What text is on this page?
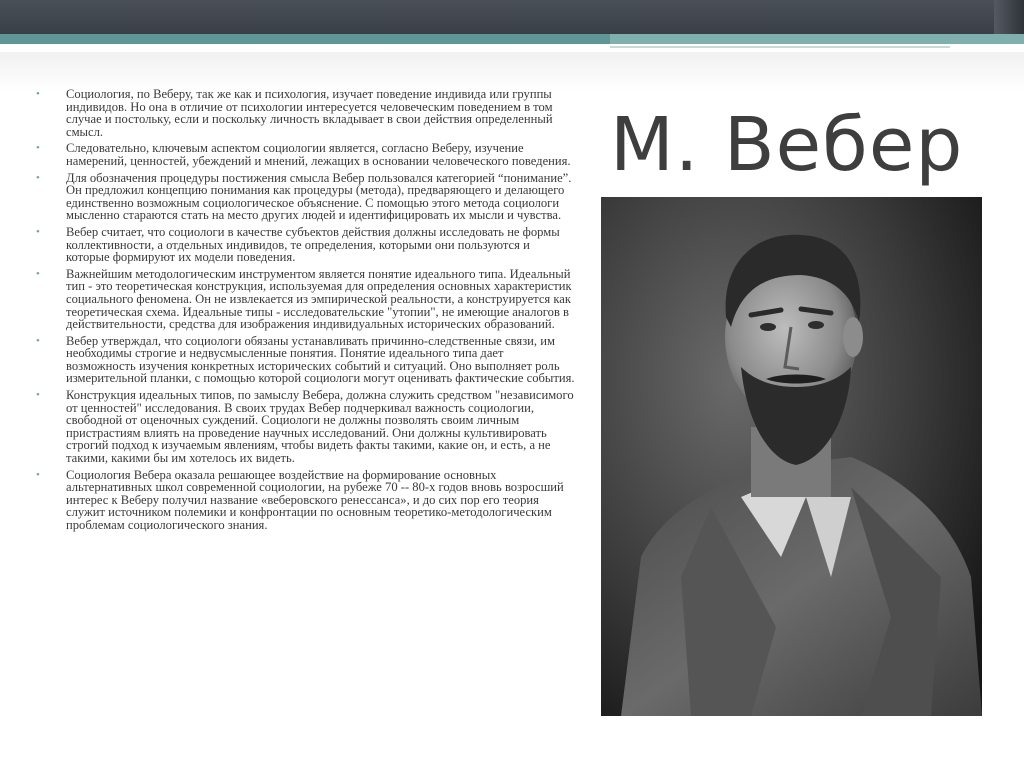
• Социология, по Веберу, так же как и психология, изучает поведение индивида или группы индивидов. Но она в отличие от психологии интересуется человеческим поведением в том случае и постольку, если и поскольку личность вкладывает в свои действия определенный смысл.
• Следовательно, ключевым аспектом социологии является, согласно Веберу, изучение намерений, ценностей, убеждений и мнений, лежащих в основании человеческого поведения.
• Для обозначения процедуры постижения смысла Вебер пользовался категорией “понимание”. Он предложил концепцию понимания как процедуры (метода), предваряющего и делающего единственно возможным социологическое объяснение. С помощью этого метода социологи мысленно стараются стать на место других людей и идентифицировать их мысли и чувства.
• Вебер считает, что социологи в качестве субъектов действия должны исследовать не формы коллективности, а отдельных индивидов, те определения, которыми они пользуются и которые формируют их модели поведения.
• Важнейшим методологическим инструментом является понятие идеального типа. Идеальный тип - это теоретическая конструкция, используемая для определения основных характеристик социального феномена. Он не извлекается из эмпирической реальности, а конструируется как теоретическая схема. Идеальные типы - исследовательские "утопии", не имеющие аналогов в действительности, средства для изображения индивидуальных исторических образований.
• Вебер утверждал, что социологи обязаны устанавливать причинно-следственные связи, им необходимы строгие и недвусмысленные понятия. Понятие идеального типа дает возможность изучения конкретных исторических событий и ситуаций. Оно выполняет роль измерительной планки, с помощью которой социологи могут оценивать фактические события.
• Конструкция идеальных типов, по замыслу Вебера, должна служить средством "независимого от ценностей" исследования. В своих трудах Вебер подчеркивал важность социологии, свободной от оценочных суждений. Социологи не должны позволять своим личным пристрастиям влиять на проведение научных исследований. Они должны культивировать строгий подход к изучаемым явлениям, чтобы видеть факты такими, какие он, и есть, а не такими, какими бы им хотелось их видеть.
• Социология Вебера оказала решающее воздействие на формирование основных альтернативных школ современной социологии, на рубеже 70 -- 80-х годов вновь возросший интерес к Веберу получил название «веберовского ренессанса», и до сих пор его теория служит источником полемики и конфронтации по основным теоретико-методологическим проблемам социологического знания.
М. Вебер
